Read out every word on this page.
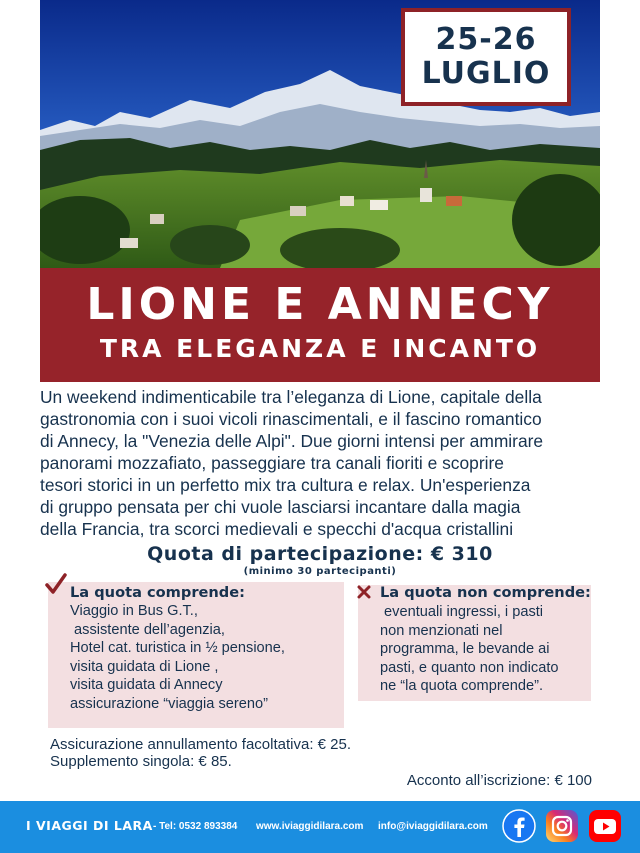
25-26
LUGLIO
LIONE E ANNECY
TRA ELEGANZA E INCANTO
Un weekend indimenticabile tra l’eleganza di Lione, capitale della
gastronomia con i suoi vicoli rinascimentali, e il fascino romantico
di Annecy, la "Venezia delle Alpi". Due giorni intensi per ammirare
panorami mozzafiato, passeggiare tra canali fioriti e scoprire
tesori storici in un perfetto mix tra cultura e relax. Un'esperienza
di gruppo pensata per chi vuole lasciarsi incantare dalla magia
della Francia, tra scorci medievali e specchi d'acqua cristallini
Quota di partecipazione: € 310
(minimo 30 partecipanti)
La quota comprende:
Viaggio in Bus G.T.,
assistente dell’agenzia,
Hotel cat. turistica in ½ pensione,
visita guidata di Lione ,
visita guidata di Annecy
assicurazione “viaggia sereno”
La quota non comprende:
eventuali ingressi, i pasti
non menzionati nel
programma, le bevande ai
pasti, e quanto non indicato
ne “la quota comprende”.
Assicurazione annullamento facoltativa: € 25.
Supplemento singola: € 85.
Acconto all’iscrizione: € 100
I VIAGGI DI LARA - Tel: 0532 893384 www.iviaggidilara.com info@iviaggidilara.com
